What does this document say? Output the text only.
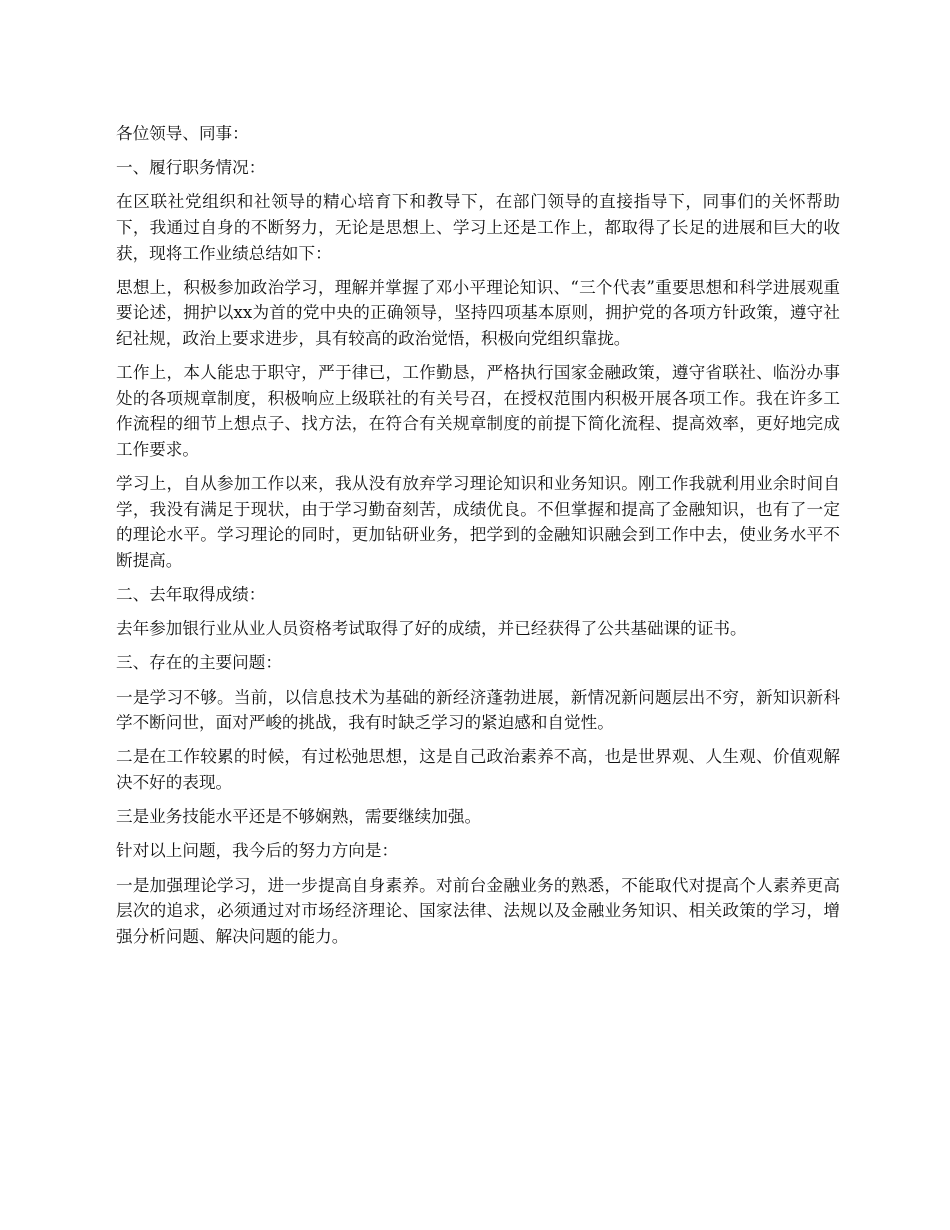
各位领导、同事：

一、履行职务情况：

在区联社党组织和社领导的精心培育下和教导下，在部门领导的直接指导下，同事们的关怀帮助下，我通过自身的不断努力，无论是思想上、学习上还是工作上，都取得了长足的进展和巨大的收获，现将工作业绩总结如下：

思想上，积极参加政治学习，理解并掌握了邓小平理论知识、“三个代表”重要思想和科学进展观重要论述，拥护以xx为首的党中央的正确领导，坚持四项基本原则，拥护党的各项方针政策，遵守社纪社规，政治上要求进步，具有较高的政治觉悟，积极向党组织靠拢。

工作上，本人能忠于职守，严于律已，工作勤恳，严格执行国家金融政策，遵守省联社、临汾办事处的各项规章制度，积极响应上级联社的有关号召，在授权范围内积极开展各项工作。我在许多工作流程的细节上想点子、找方法，在符合有关规章制度的前提下简化流程、提高效率，更好地完成工作要求。

学习上，自从参加工作以来，我从没有放弃学习理论知识和业务知识。刚工作我就利用业余时间自学，我没有满足于现状，由于学习勤奋刻苦，成绩优良。不但掌握和提高了金融知识，也有了一定的理论水平。学习理论的同时，更加钻研业务，把学到的金融知识融会到工作中去，使业务水平不断提高。

二、去年取得成绩：

去年参加银行业从业人员资格考试取得了好的成绩，并已经获得了公共基础课的证书。

三、存在的主要问题：

一是学习不够。当前，以信息技术为基础的新经济蓬勃进展，新情况新问题层出不穷，新知识新科学不断问世，面对严峻的挑战，我有时缺乏学习的紧迫感和自觉性。

二是在工作较累的时候，有过松弛思想，这是自己政治素养不高，也是世界观、人生观、价值观解决不好的表现。

三是业务技能水平还是不够娴熟，需要继续加强。

针对以上问题，我今后的努力方向是：

一是加强理论学习，进一步提高自身素养。对前台金融业务的熟悉，不能取代对提高个人素养更高层次的追求，必须通过对市场经济理论、国家法律、法规以及金融业务知识、相关政策的学习，增强分析问题、解决问题的能力。
